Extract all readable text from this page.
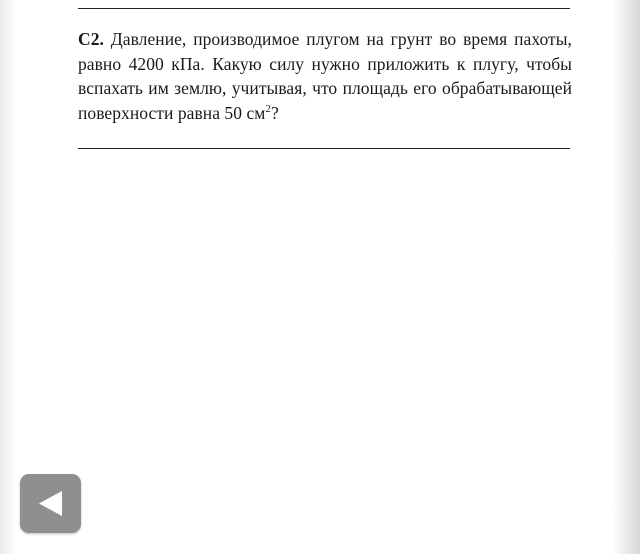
С2. Давление, производимое плугом на грунт во время пахоты, равно 4200 кПа. Какую силу нужно приложить к плугу, чтобы вспахать им землю, учитывая, что площадь его обрабатывающей поверхности равна 50 $см^2$?
